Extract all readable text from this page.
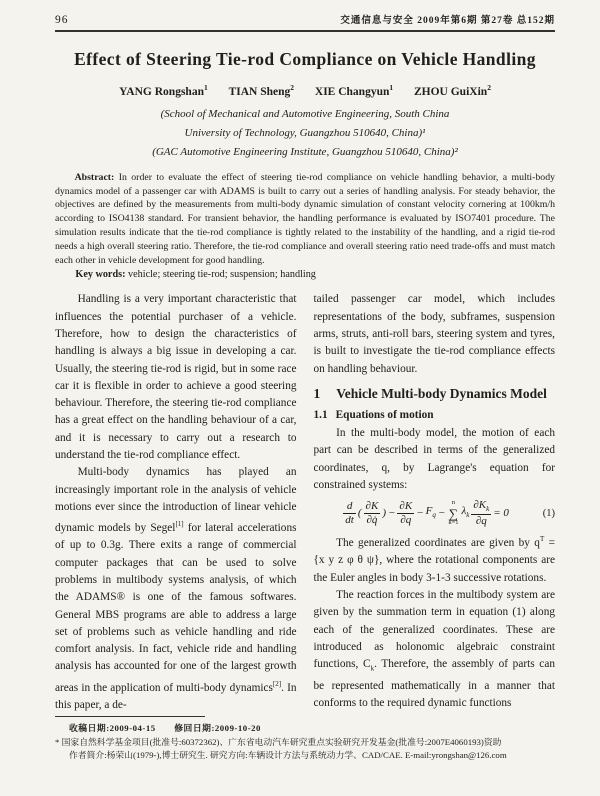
96	交通信息与安全 2009年第6期 第27卷 总152期
Effect of Steering Tie-rod Compliance on Vehicle Handling
YANG Rongshan$^1$ TIAN Sheng$^2$ XIE Changyun$^1$ ZHOU GuiXin$^2$
(School of Mechanical and Automotive Engineering, South China
University of Technology, Guangzhou 510640, China)¹
(GAC Automotive Engineering Institute, Guangzhou 510640, China)²
Abstract: In order to evaluate the effect of steering tie-rod compliance on vehicle handling behavior, a multi-body dynamics model of a passenger car with ADAMS is built to carry out a series of handling analysis. For steady behavior, the objectives are defined by the measurements from multi-body dynamic simulation of constant velocity cornering at 100km/h according to ISO4138 standard. For transient behavior, the handling performance is evaluated by ISO7401 procedure. The simulation results indicate that the tie-rod compliance is tightly related to the instability of the handling, and a rigid tie-rod needs a high overall steering ratio. Therefore, the tie-rod compliance and overall steering ratio need trade-offs and must match each other in vehicle development for good handling.
Key words: vehicle; steering tie-rod; suspension; handling

Handling is a very important characteristic that influences the potential purchaser of a vehicle. Therefore, how to design the characteristics of handling is always a big issue in developing a car. Usually, the steering tie-rod is rigid, but in some race car it is flexible in order to achieve a good steering behaviour. Therefore, the steering tie-rod compliance has a great effect on the handling behaviour of a car, and it is necessary to carry out a research to understand the tie-rod compliance effect.

Multi-body dynamics has played an increasingly important role in the analysis of vehicle motions ever since the introduction of linear vehicle dynamic models by Segel[1] for lateral accelerations of up to 0.3g. There exits a range of commercial computer packages that can be used to solve problems in multibody systems analysis, of which the ADAMS® is one of the famous softwares. General MBS programs are able to address a large set of problems such as vehicle handling and ride comfort analysis. In fact, vehicle ride and handling analysis has accounted for one of the largest growth areas in the application of multi-body dynamics[2]. In this paper, a de-

tailed passenger car model, which includes representations of the body, subframes, suspension arms, struts, anti-roll bars, steering system and tyres, is built to investigate the tie-rod compliance effects on handling behaviour.

1 Vehicle Multi-body Dynamics Model
1.1 Equations of motion

In the multi-body model, the motion of each part can be described in terms of the generalized coordinates, q, by Lagrange's equation for constrained systems:

$\frac{d}{dt}$ ( $\frac{\partial K}{\partial q̇}$ ) − $\frac{\partial K}{\partial q} - F_q$ −
n
∑
k=1
$\lambda_k \frac{\partial K_k}{\partial q} = 0$	(1)

The generalized coordinates are given by $q^T = \{x$ y z φ θ ψ}, where the rotational components are the Euler angles in body 3-1-3 successive rotations.

The reaction forces in the multibody system are given by the summation term in equation (1) along each of the generalized coordinates. These are introduced as holonomic algebraic constraint functions, $C_k$. Therefore, the assembly of parts can be represented mathematically in a manner that conforms to the required dynamic functions

收稿日期:2009-04-15　　修回日期:2009-10-20
* 国家自然科学基金项目(批准号:60372362)、广东省电动汽车研究重点实验研究开发基金(批准号:2007E4060193)资助
作者简介:杨荣山(1979-),博士研究生. 研究方向:车辆设计方法与系统动力学、CAD/CAE. E-mail:yrongshan@126.com
